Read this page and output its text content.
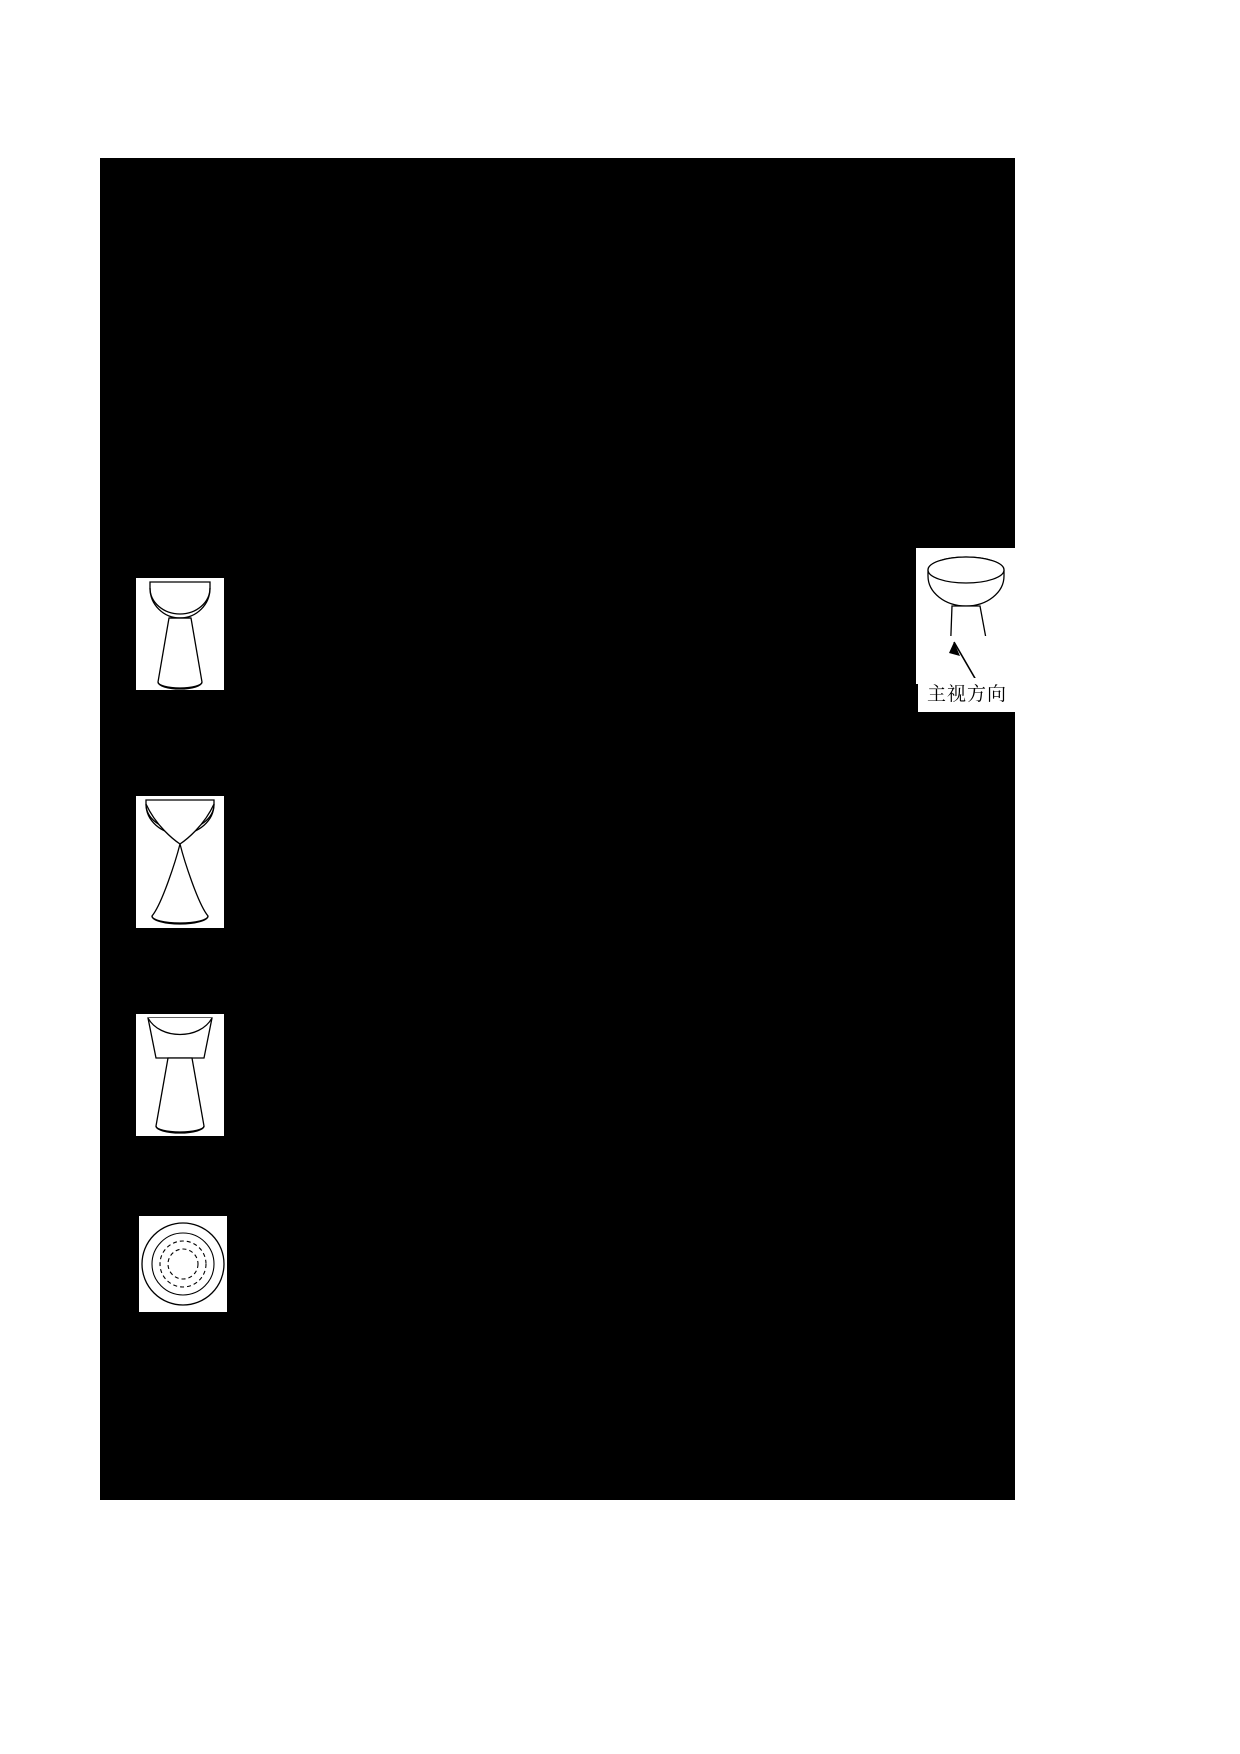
主视方向
